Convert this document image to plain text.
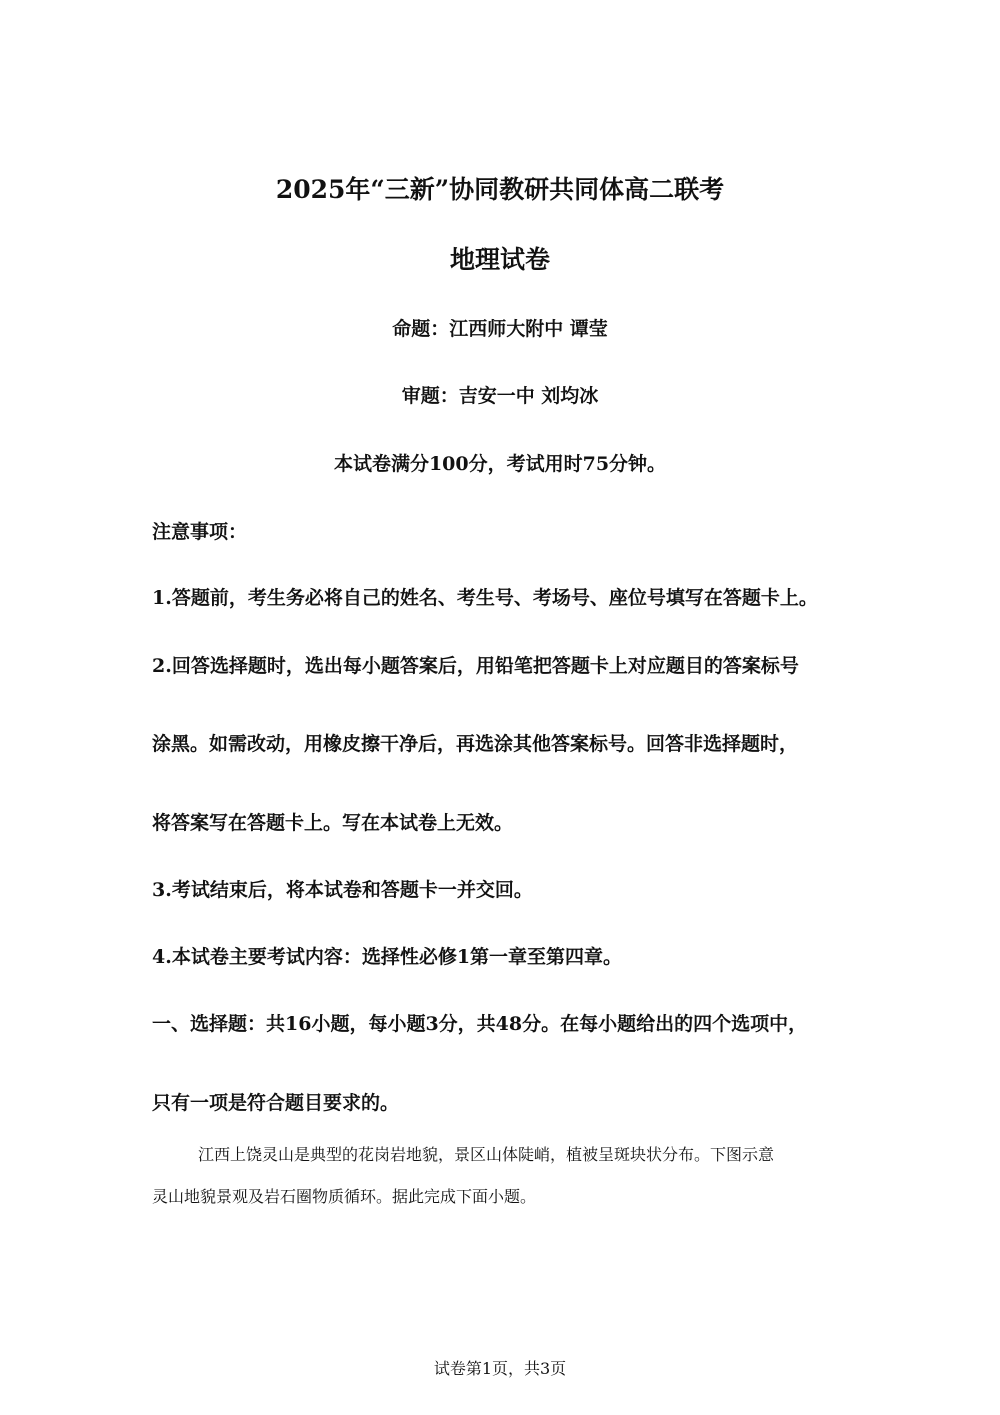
2025年“三新”协同教研共同体高二联考
地理试卷
命题：江西师大附中 谭莹
审题：吉安一中 刘均冰
本试卷满分100分，考试用时75分钟。
注意事项：
1.答题前，考生务必将自己的姓名、考生号、考场号、座位号填写在答题卡上。
2.回答选择题时，选出每小题答案后，用铅笔把答题卡上对应题目的答案标号
涂黑。如需改动，用橡皮擦干净后，再选涂其他答案标号。回答非选择题时，
将答案写在答题卡上。写在本试卷上无效。
3.考试结束后，将本试卷和答题卡一并交回。
4.本试卷主要考试内容：选择性必修1第一章至第四章。
一、选择题：共16小题，每小题3分，共48分。在每小题给出的四个选项中，
只有一项是符合题目要求的。
江西上饶灵山是典型的花岗岩地貌，景区山体陡峭，植被呈斑块状分布。下图示意
灵山地貌景观及岩石圈物质循环。据此完成下面小题。
试卷第1页，共3页
